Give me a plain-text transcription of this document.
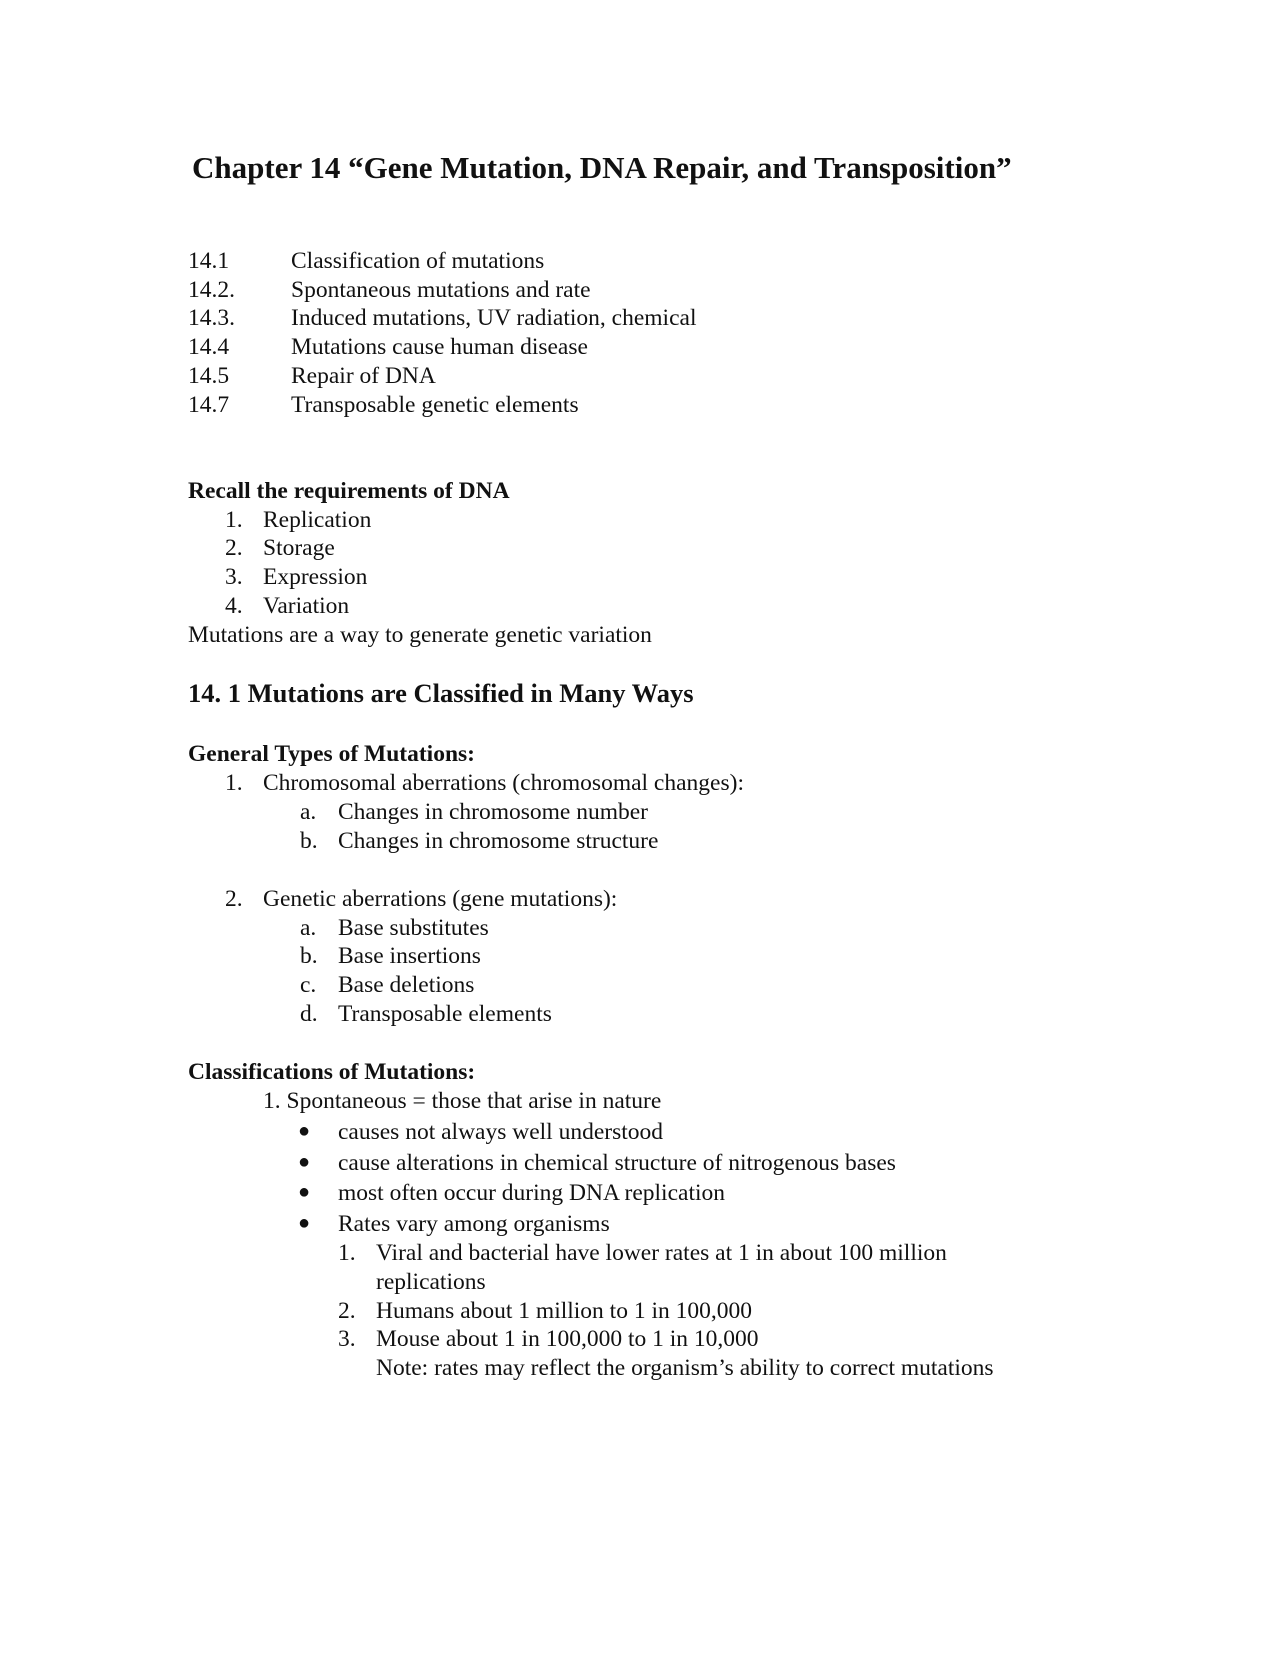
Chapter 14 “Gene Mutation, DNA Repair, and Transposition”
14.1	Classification of mutations
14.2. Spontaneous mutations and rate
14.3. Induced mutations, UV radiation, chemical
14.4	Mutations cause human disease
14.5	Repair of DNA
14.7	Transposable genetic elements
Recall the requirements of DNA
1. Replication
2. Storage
3. Expression
4. Variation
Mutations are a way to generate genetic variation
14. 1 Mutations are Classified in Many Ways
General Types of Mutations:
1. Chromosomal aberrations (chromosomal changes):
a. Changes in chromosome number
b. Changes in chromosome structure
2. Genetic aberrations (gene mutations):
a. Base substitutes
b. Base insertions
c. Base deletions
d. Transposable elements
Classifications of Mutations:
1. Spontaneous = those that arise in nature
● causes not always well understood
● cause alterations in chemical structure of nitrogenous bases
● most often occur during DNA replication
● Rates vary among organisms
1. Viral and bacterial have lower rates at 1 in about 100 million
replications
2. Humans about 1 million to 1 in 100,000
3. Mouse about 1 in 100,000 to 1 in 10,000
Note: rates may reflect the organism’s ability to correct mutations
